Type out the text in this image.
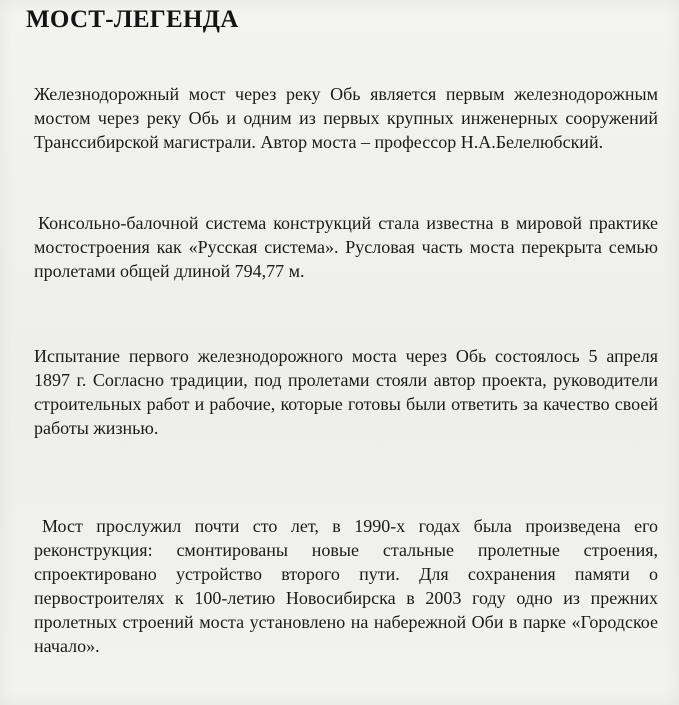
МОСТ-ЛЕГЕНДА

Железнодорожный мост через реку Обь является первым железнодорожным мостом через реку Обь и одним из первых крупных инженерных сооружений Транссибирской магистрали. Автор моста – профессор Н.А.Белелюбский.

Консольно-балочной система конструкций стала известна в мировой практике мостостроения как «Русская система». Русловая часть моста перекрыта семью пролетами общей длиной 794,77 м.

Испытание первого железнодорожного моста через Обь состоялось 5 апреля 1897 г. Согласно традиции, под пролетами стояли автор проекта, руководители строительных работ и рабочие, которые готовы были ответить за качество своей работы жизнью.

Мост прослужил почти сто лет, в 1990-х годах была произведена его реконструкция: смонтированы новые стальные пролетные строения, спроектировано устройство второго пути. Для сохранения памяти о первостроителях к 100-летию Новосибирска в 2003 году одно из прежних пролетных строений моста установлено на набережной Оби в парке «Городское начало».
